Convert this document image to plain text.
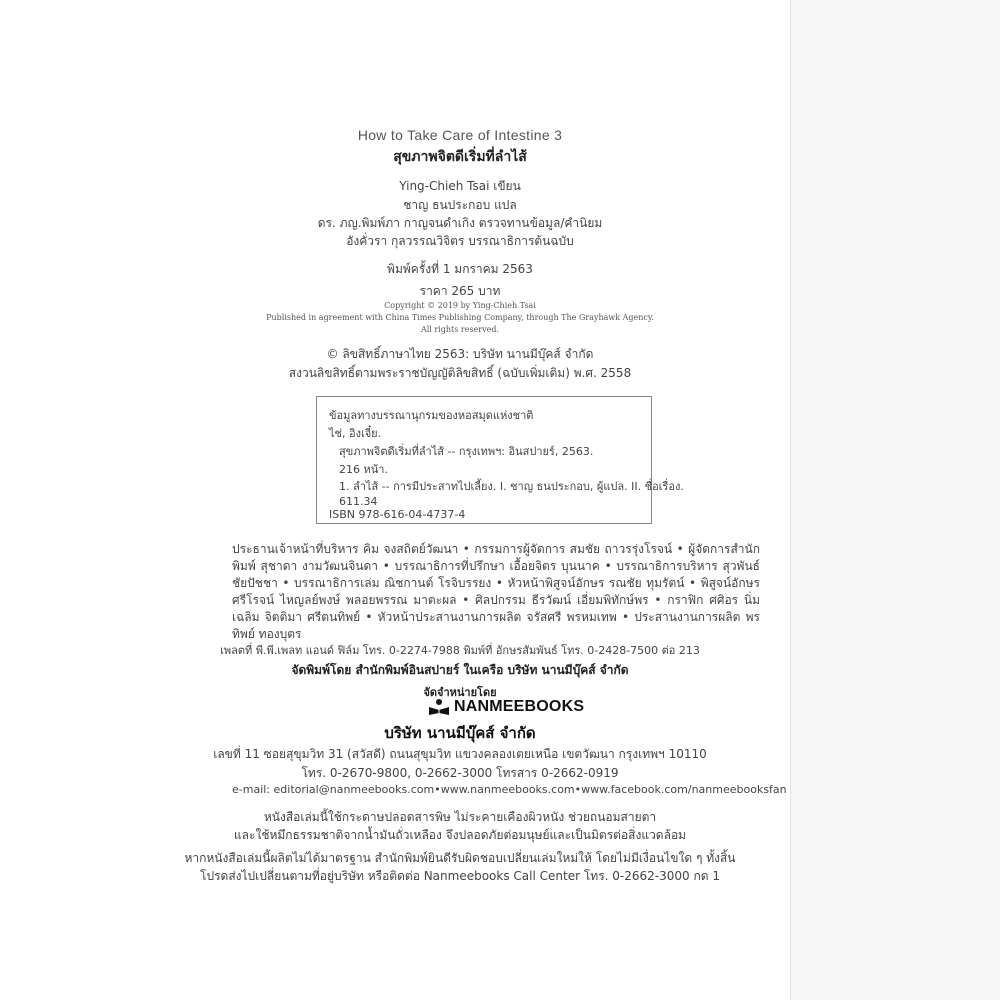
How to Take Care of Intestine 3
สุขภาพจิตดีเริ่มที่ลำไส้
Ying-Chieh Tsai เขียน
ชาญ ธนประกอบ แปล
ดร. ภญ.พิมพ์ภา กาญจนดำเกิง ตรวจทานข้อมูล/คำนิยม
อังคั่วรา กุลวรรณวิจิตร บรรณาธิการต้นฉบับ
พิมพ์ครั้งที่ 1 มกราคม 2563
ราคา 265 บาท
Copyright © 2019 by Ying-Chieh Tsai
Published in agreement with China Times Publishing Company, through The Grayhawk Agency.
All rights reserved.
© ลิขสิทธิ์ภาษาไทย 2563: บริษัท นานมีบุ๊คส์ จำกัด
สงวนลิขสิทธิ์ตามพระราชบัญญัติลิขสิทธิ์ (ฉบับเพิ่มเติม) พ.ศ. 2558
ข้อมูลทางบรรณานุกรมของหอสมุดแห่งชาติ
ไช่, อิงเจี๋ย.
สุขภาพจิตดีเริ่มที่ลำไส้ -- กรุงเทพฯ: อินสปายร์, 2563.
216 หน้า.
1. ลำไส้ -- การมีประสาทไปเลี้ยง. I. ชาญ ธนประกอบ, ผู้แปล. II. ชื่อเรื่อง.
611.34
ISBN 978-616-04-4737-4
ประธานเจ้าหน้าที่บริหาร คิม จงสถิตย์วัฒนา • กรรมการผู้จัดการ สมชัย ถาวรรุ่งโรจน์ • ผู้จัดการสำนักพิมพ์ สุชาดา งามวัฒนจินดา • บรรณาธิการที่ปรึกษา เอื้อยจิตร บุนนาค • บรรณาธิการบริหาร สุวพันธ์ ชัยปัชชา • บรรณาธิการเล่ม ณิชกานต์ โรจิบรรยง • หัวหน้าพิสูจน์อักษร รณชัย ทุมรัตน์ • พิสูจน์อักษร ศรีโรจน์ ไหญลย์พงษ์ พลอยพรรณ มาตะผล • ศิลปกรรม ธีรวัฒน์ เอี่ยมพิทักษ์พร • กราฟิก ศศิอร นิ่มเฉลิม จิตติมา ศรีตนทิพย์ • หัวหน้าประสานงานการผลิต จรัสศรี พรหมเทพ • ประสานงานการผลิต พรทิพย์ ทองบุตร
เพลตที่ พี.พี.เพลท แอนด์ ฟิล์ม โทร. 0-2274-7988 พิมพ์ที่ อักษรสัมพันธ์ โทร. 0-2428-7500 ต่อ 213
จัดพิมพ์โดย สำนักพิมพ์อินสปายร์ ในเครือ บริษัท นานมีบุ๊คส์ จำกัด
จัดจำหน่ายโดย
NANMEEBOOKS
บริษัท นานมีบุ๊คส์ จำกัด
เลขที่ 11 ซอยสุขุมวิท 31 (สวัสดี) ถนนสุขุมวิท แขวงคลองเตยเหนือ เขตวัฒนา กรุงเทพฯ 10110
โทร. 0-2670-9800, 0-2662-3000 โทรสาร 0-2662-0919
e-mail: editorial@nanmeebooks.com • www.nanmeebooks.com • www.facebook.com/nanmeebooksfan
หนังสือเล่มนี้ใช้กระดาษปลอดสารพิษ ไม่ระคายเคืองผิวหนัง ช่วยถนอมสายตา
และใช้หมึกธรรมชาติจากน้ำมันถั่วเหลือง จึงปลอดภัยต่อมนุษย์และเป็นมิตรต่อสิ่งแวดล้อม
หากหนังสือเล่มนี้ผลิตไม่ได้มาตรฐาน สำนักพิมพ์ยินดีรับผิดชอบเปลี่ยนเล่มใหม่ให้ โดยไม่มีเงื่อนไขใด ๆ ทั้งสิ้น
โปรดส่งไปเปลี่ยนตามที่อยู่บริษัท หรือติดต่อ Nanmeebooks Call Center โทร. 0-2662-3000 กด 1
